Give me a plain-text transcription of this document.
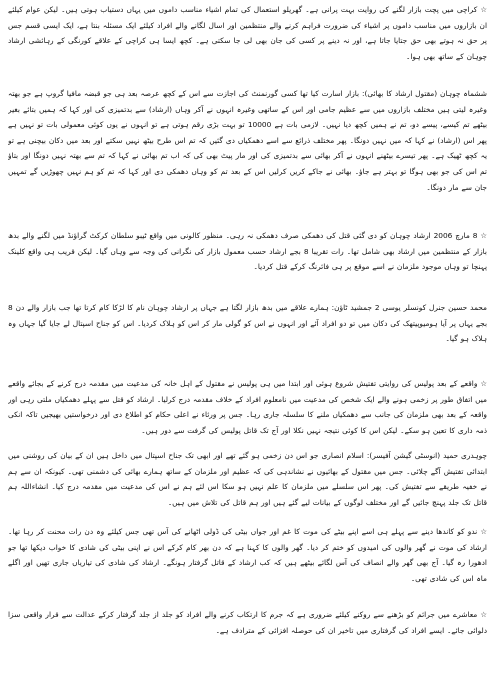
☆ کراچی میں پچت بازار لگنے کی روایت بہت پرانی ہے۔ گھریلو استعمال کی تمام اشیاء مناسب داموں میں یہاں دستیاب ہوتی ہیں۔ لیکن عوام کیلئے ان بازاروں میں مناسب داموں پر اشیاء کی ضرورت فراہم کرنے والے منتظمین اور اسال لگانے والے افراد کیلئے ایک مسئلہ بنتا ہے، ایک ایسی قسم جس پر حق نہ ہوتے بھی حق جتایا جاتا ہے، اور نہ دینے پر کسی کی جان بھی لی جا سکتی ہے۔ کچھ ایسا ہی کراچی کے علاقے کورنگی کے رہائشی ارشاد چوہان کے ساتھ بھی ہوا۔

ششماہ چوہان (مقتول ارشاد کا بھائی): بازار اسارت کیا تھا کسی گورنمنٹ کی اجازت سے اس کے کچھ عرصہ بعد ہی جو قبضہ مافیا گروپ ہے جو بھتہ وغیرہ لیتی ہیں مختلف بازاروں میں سے عظیم جامی اور اس کے ساتھی وغیرہ انہوں نے آکر وہاں (ارشاد) سے بدتمیزی کی اور کہا کہ ہمیں بتائے بغیر بیٹھے تم کیسے، پیسے دو، تم نے ہمیں کچھ دیا نہیں۔ لازمی بات ہے 10000 تو بہت بڑی رقم ہوتی ہے تو انہوں نے یوں کوئی معمولی بات تو نہیں ہے پھر اس (ارشاد) نے کہا کہ میں نہیں دونگا۔ پھر مختلف ذرائع سے اسے دھمکیاں دی گئیں کہ تم اس طرح بیٹھ نہیں سکتے اور بعد میں دکان بیچنی ہے تو یہ کچھ ٹھیک ہے۔ پھر تیسرے بیٹھنے انہوں نے آکر بھائی سے بدتمیزی کی اور مار پیٹ بھی کی کہ اب تم بھائی نے کہا کہ تم سے بھتہ نہیں دونگا اور بتاؤ تم اس کی جو بھی ہوگا تو بہتر ہے جاؤ۔ بھائی نے جاکے کریں کرلیں اس کے بعد تم کو وہاں دھمکی دی اور کہا کہ تم کو ہم نہیں چھوڑیں گے تمہیں جان سے مار دونگا۔

☆ 8 مارچ 2006 ارشاد چوہان کو دی گئی قتل کی دھمکی صرف دھمکی نہ رہی۔ منظور کالونی میں واقع ٹیبو سلطان کرکٹ گراؤنڈ میں لگنے والے بدھ بازار کے منتظمین میں ارشاد بھی شامل تھا۔ رات تقریبا 8 بجے ارشاد حسب معمول بازار کی نگرانی کی وجہ سے وہاں گیا۔ لیکن قریب ہی واقع کلینک پہنچا تو وہاں موجود ملزمان نے اسے موقع پر ہی فائرنگ کرکے قتل کردیا۔

محمد حسین جنرل کونسلر یوسی 2 جمشید ٹاؤن: ہمارے علاقے میں بدھ بازار لگتا ہے جہاں پر ارشاد چوہان نام کا لڑکا کام کرتا تھا جب بازار والے دن 8 بجے یہاں پر آیا ہومیوپیتھک کی دکان میں تو دو افراد آئے اور انہوں نے اس کو گولی مار کر اس کو ہلاک کردیا۔ اس کو جناح اسپتال لے جایا گیا جہاں وہ ہلاک ہو گیا۔

☆ واقعے کے بعد پولیس کی روایتی تفتیش شروع ہوئی اور ابتدا میں ہی پولیس نے مقتول کے اہل خانہ کی مدعیت میں مقدمہ درج کرنے کے بجائے واقعے میں اتفاق طور پر زخمی ہونے والے ایک شخص کی مدعیت میں نامعلوم افراد کے خلاف مقدمہ درج کرلیا۔ ارشاد کو قتل سے پہلے دھمکیاں ملتی رہی اور واقعہ کے بعد بھی ملزمان کی جانب سے دھمکیاں ملنے کا سلسلہ جاری رہا۔ جس پر ورثاء نے اعلی حکام کو اطلاع دی اور درخواستیں بھیجیں تاکہ انکی ذمہ داری کا تعین ہو سکے۔ لیکن اس کا کوئی نتیجہ نہیں نکلا اور آج تک قاتل پولیس کی گرفت سے دور ہیں۔

چوہدری حمید (انوسٹی گیشن آفیسر): اسلام انصاری جو اس دن زخمی ہو گئے تھے اور ابھی تک جناح اسپتال میں داخل ہیں ان کے بیان کی روشنی میں ابتدائی تفتیش آگے چلائی۔ جس میں مقتول کے بھائیوں نے نشاندہی کی کہ عظیم اور ملزمان کے ساتھ ہمارے بھائی کی دشمنی تھی۔ کیونکہ ان سے ہم نے خفیہ طریقے سے تفتیش کی۔ پھر اس سلسلے میں ملزمان کا علم نہیں ہو سکا اس لئے ہم نے اس کی مدعیت میں مقدمہ درج کیا۔ انشاءاللہ ہم قاتل تک جلد پہنچ جائیں گے اور مختلف لوگوں کے بیانات لیے گئے ہیں اور ہم قاتل کی تلاش میں ہیں۔

☆ ندو کو کاندھا دینے سے پہلے ہی اسے اپنے بیٹے کی موت کا غم اور جواں بیٹی کی ڈولی اٹھانے کی آس تھی جس کیلئے وہ دن رات محنت کر رہا تھا۔ ارشاد کی موت نے گھر والوں کی امیدوں کو ختم کر دیا۔ گھر والوں کا کہنا ہے کہ دن بھر کام کرکے اس نے اپنی بیٹی کی شادی کا خواب دیکھا تھا جو ادھورا رہ گیا۔ آج بھی گھر والے انصاف کی آس لگائے بیٹھے ہیں کہ کب ارشاد کے قاتل گرفتار ہونگے۔ ارشاد کی شادی کی تیاریاں جاری تھیں اور اگلے ماہ اس کی شادی تھی۔

☆ معاشرے میں جرائم کو بڑھنے سے روکنے کیلئے ضروری ہے کہ جرم کا ارتکاب کرنے والے افراد کو جلد از جلد گرفتار کرکے عدالت سے قرار واقعی سزا دلوائی جائے۔ ایسے افراد کی گرفتاری میں تاخیر ان کی حوصلہ افزائی کے مترادف ہے۔
